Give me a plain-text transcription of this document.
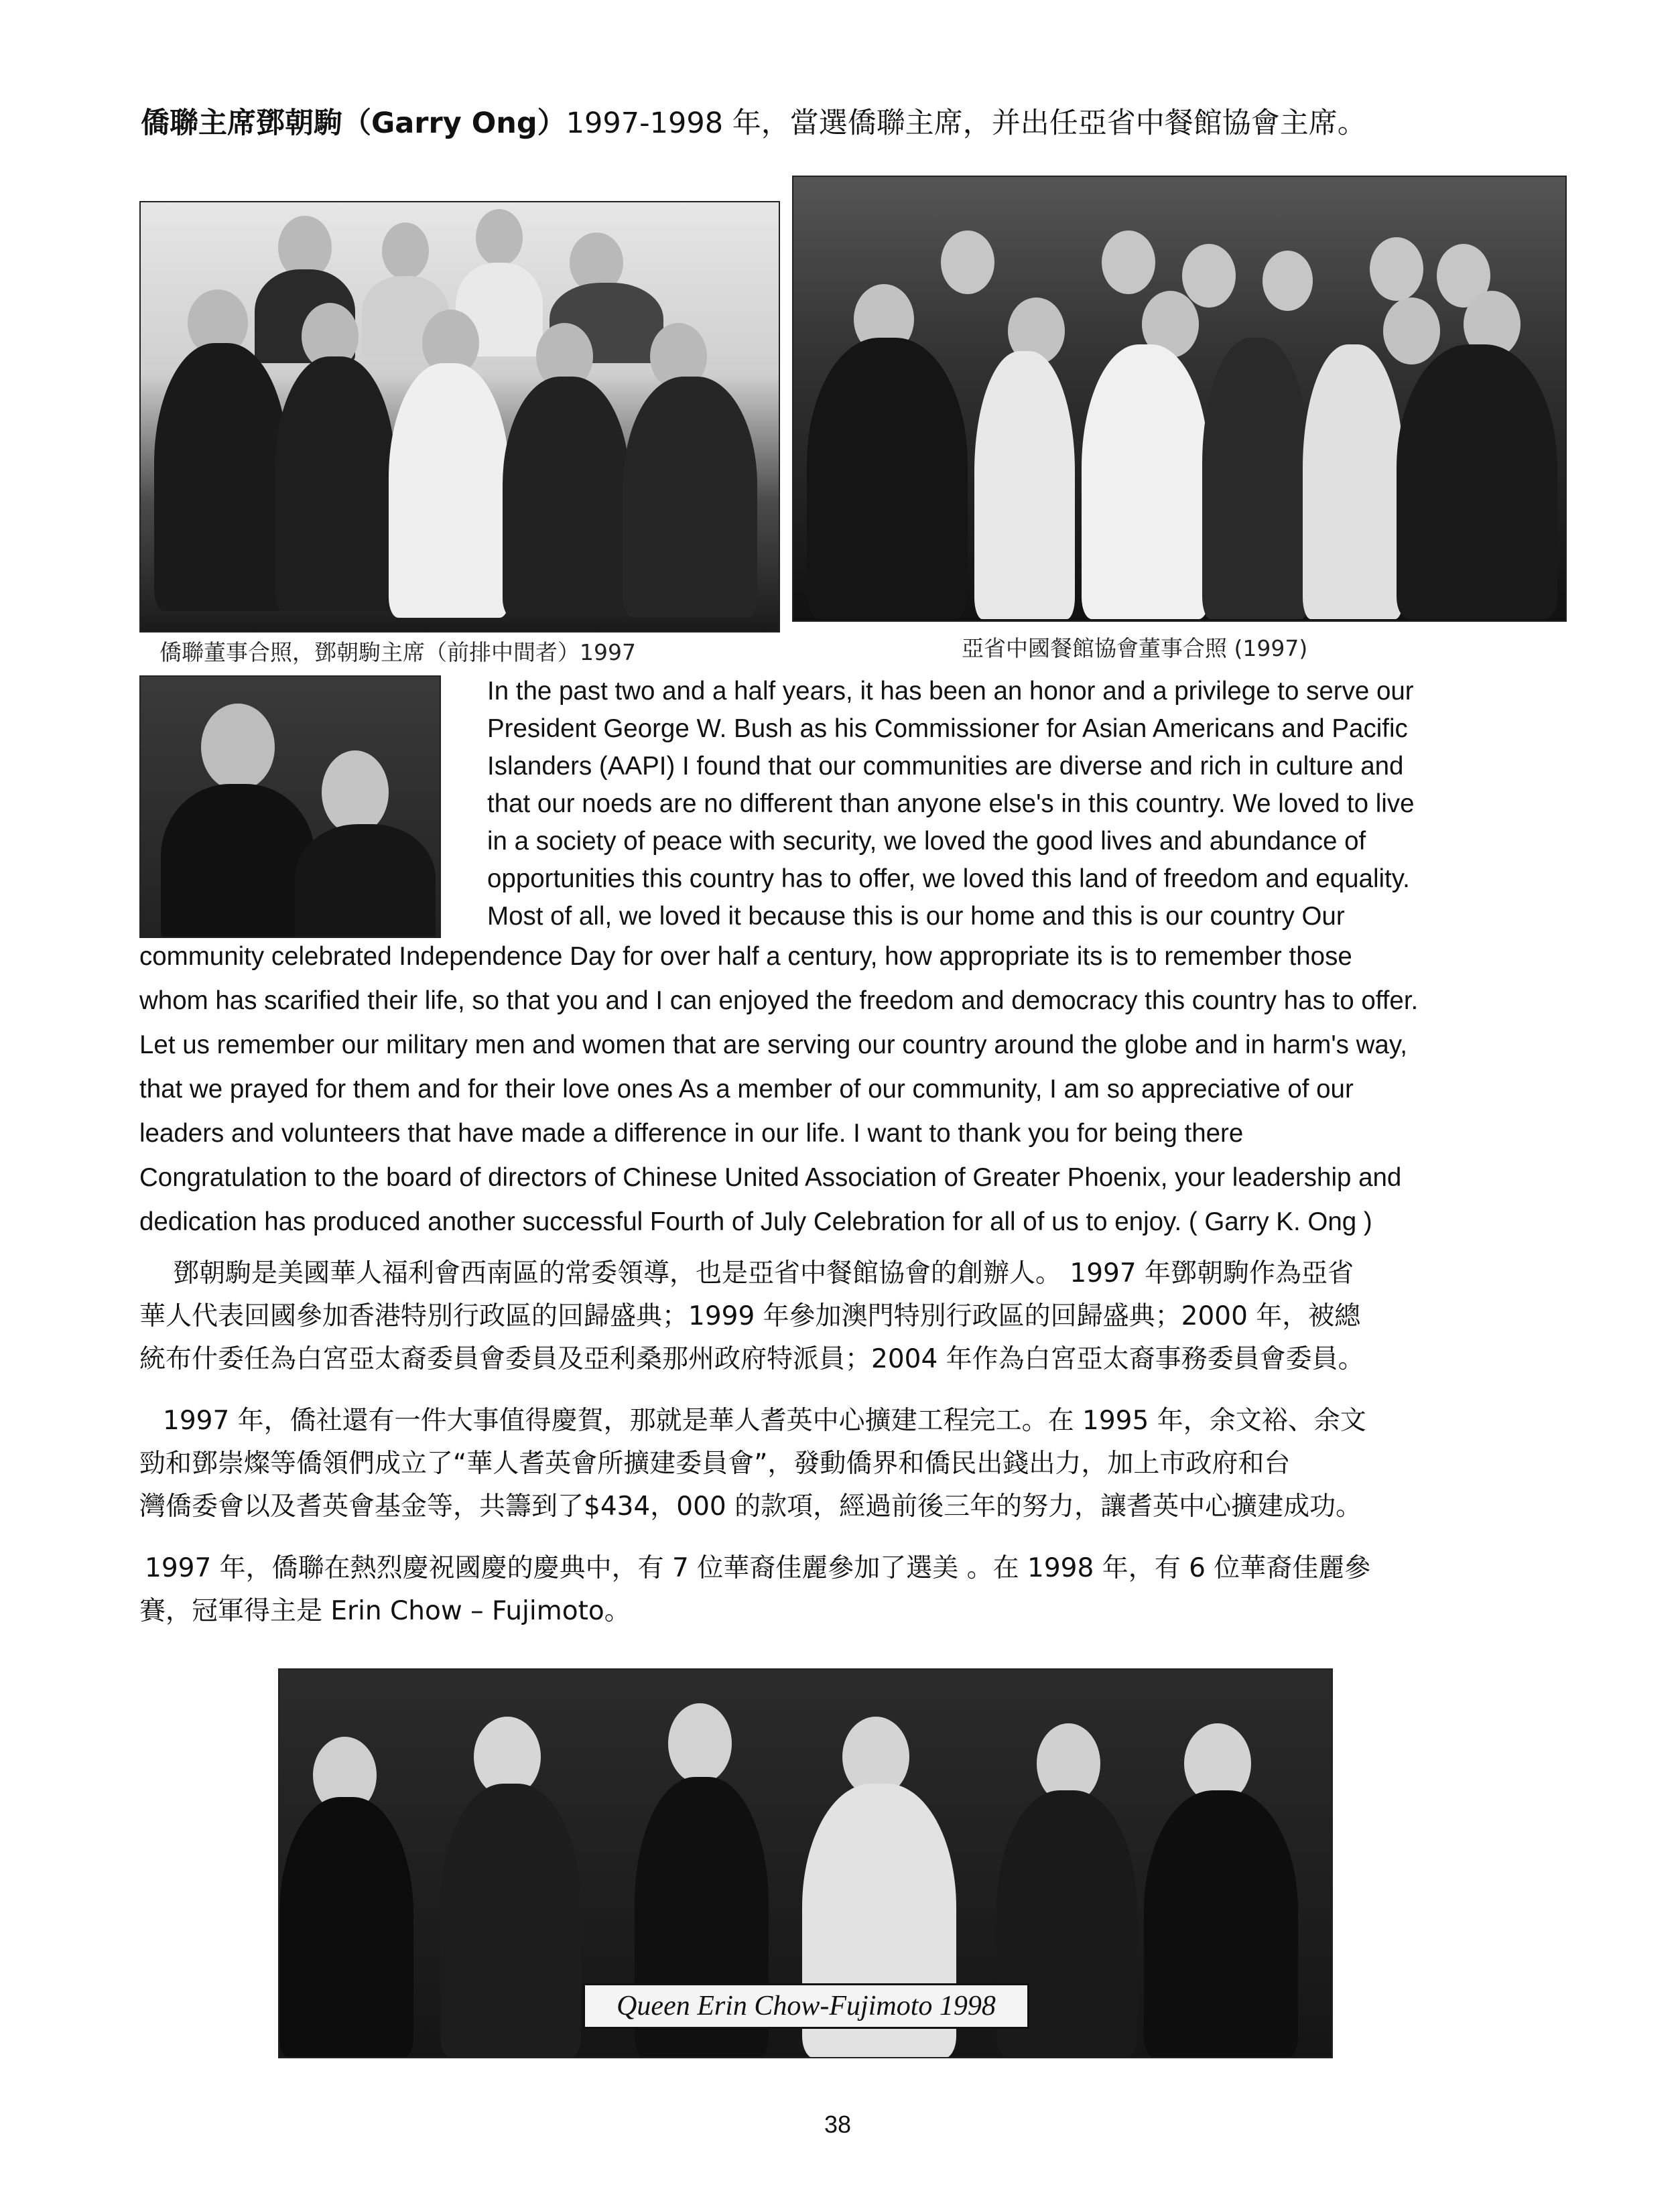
僑聯主席鄧朝駒（Garry Ong）1997-1998 年，當選僑聯主席，并出任亞省中餐館協會主席。
僑聯董事合照，鄧朝駒主席（前排中間者）1997	亞省中國餐館協會董事合照 (1997)
In the past two and a half years, it has been an honor and a privilege to serve our
President George W. Bush as his Commissioner for Asian Americans and Pacific
Islanders (AAPI) I found that our communities are diverse and rich in culture and
that our noeds are no different than anyone else's in this country. We loved to live
in a society of peace with security, we loved the good lives and abundance of
opportunities this country has to offer, we loved this land of freedom and equality.
Most of all, we loved it because this is our home and this is our country Our
community celebrated Independence Day for over half a century, how appropriate its is to remember those
whom has scarified their life, so that you and I can enjoyed the freedom and democracy this country has to offer.
Let us remember our military men and women that are serving our country around the globe and in harm's way,
that we prayed for them and for their love ones As a member of our community, I am so appreciative of our
leaders and volunteers that have made a difference in our life. I want to thank you for being there
Congratulation to the board of directors of Chinese United Association of Greater Phoenix, your leadership and
dedication has produced another successful Fourth of July Celebration for all of us to enjoy. ( Garry K. Ong )
鄧朝駒是美國華人福利會西南區的常委領導，也是亞省中餐館協會的創辦人。 1997 年鄧朝駒作為亞省
華人代表回國參加香港特別行政區的回歸盛典；1999 年參加澳門特別行政區的回歸盛典；2000 年，被總
統布什委任為白宮亞太裔委員會委員及亞利桑那州政府特派員；2004 年作為白宮亞太裔事務委員會委員。
1997 年，僑社還有一件大事值得慶賀，那就是華人耆英中心擴建工程完工。在 1995 年，余文裕、余文
勁和鄧崇燦等僑領們成立了“華人耆英會所擴建委員會”，發動僑界和僑民出錢出力，加上市政府和台
灣僑委會以及耆英會基金等，共籌到了$434，000 的款項，經過前後三年的努力，讓耆英中心擴建成功。
1997 年，僑聯在熱烈慶祝國慶的慶典中，有 7 位華裔佳麗參加了選美 。在 1998 年，有 6 位華裔佳麗參
賽，冠軍得主是 Erin Chow – Fujimoto。
Queen Erin Chow-Fujimoto 1998
38
